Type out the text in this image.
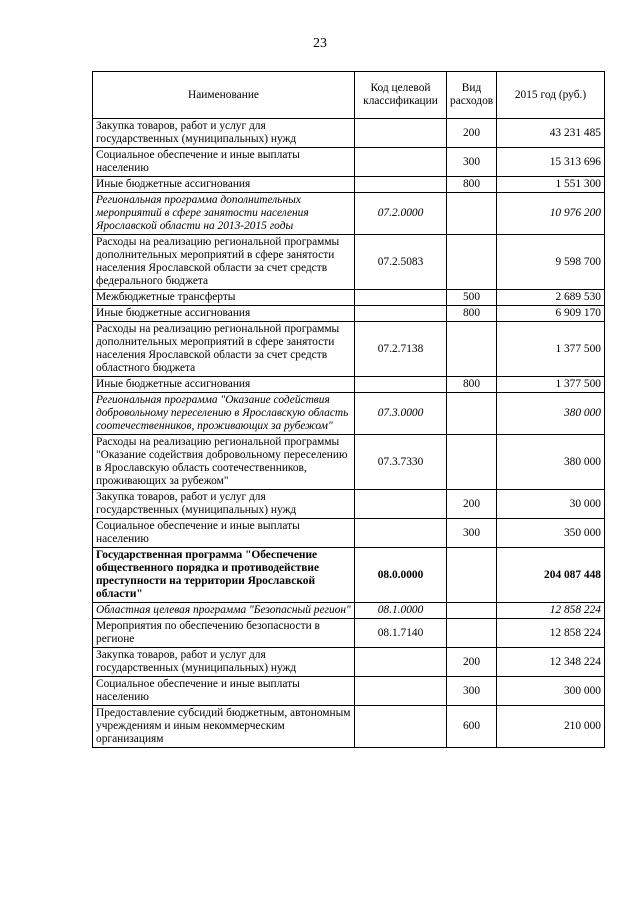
23
Наименование	Код целевой классификации	Вид расходов	2015 год (руб.)
Закупка товаров, работ и услуг для государственных (муниципальных) нужд		200	43 231 485
Социальное обеспечение и иные выплаты населению		300	15 313 696
Иные бюджетные ассигнования		800	1 551 300
Региональная программа дополнительных мероприятий в сфере занятости населения Ярославской области на 2013-2015 годы	07.2.0000		10 976 200
Расходы на реализацию региональной программы дополнительных мероприятий в сфере занятости населения Ярославской области за счет средств федерального бюджета	07.2.5083		9 598 700
Межбюджетные трансферты		500	2 689 530
Иные бюджетные ассигнования		800	6 909 170
Расходы на реализацию региональной программы дополнительных мероприятий в сфере занятости населения Ярославской области за счет средств областного бюджета	07.2.7138		1 377 500
Иные бюджетные ассигнования		800	1 377 500
Региональная программа "Оказание содействия добровольному переселению в Ярославскую область соотечественников, проживающих за рубежом"	07.3.0000		380 000
Расходы на реализацию региональной программы "Оказание содействия добровольному переселению в Ярославскую область соотечественников, проживающих за рубежом"	07.3.7330		380 000
Закупка товаров, работ и услуг для государственных (муниципальных) нужд		200	30 000
Социальное обеспечение и иные выплаты населению		300	350 000
Государственная программа "Обеспечение общественного порядка и противодействие преступности на территории Ярославской области"	08.0.0000		204 087 448
Областная целевая программа "Безопасный регион"	08.1.0000		12 858 224
Мероприятия по обеспечению безопасности в регионе	08.1.7140		12 858 224
Закупка товаров, работ и услуг для государственных (муниципальных) нужд		200	12 348 224
Социальное обеспечение и иные выплаты населению		300	300 000
Предоставление субсидий бюджетным, автономным учреждениям и иным некоммерческим организациям		600	210 000
